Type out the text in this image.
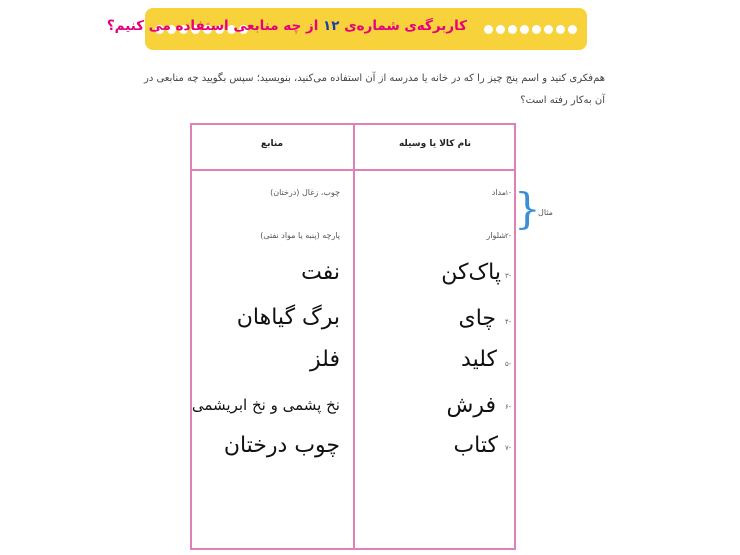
کاربرگه‌ی شماره‌ی ۱۲ از چه منابعی استفاده می کنیم؟
هم‌فکری کنید و اسم پنج چیز را که در خانه یا مدرسه از آن استفاده می‌کنید، بنویسید؛ سپس بگویید چه منابعی در آن به‌کار رفته است؟
نام کالا یا وسیله
منابع
۱-
مداد
چوب، زغال (درختان)
۲-
شلوار
پارچه (پنبه یا مواد نفتی)
}
مثال
۳-
پاک‌کن
نفت
۴-
چای
برگ گیاهان
۵-
کلید
فلز
۶-
فرش
نخ پشمی و نخ ابریشمی
۷-
کتاب
چوب درختان
